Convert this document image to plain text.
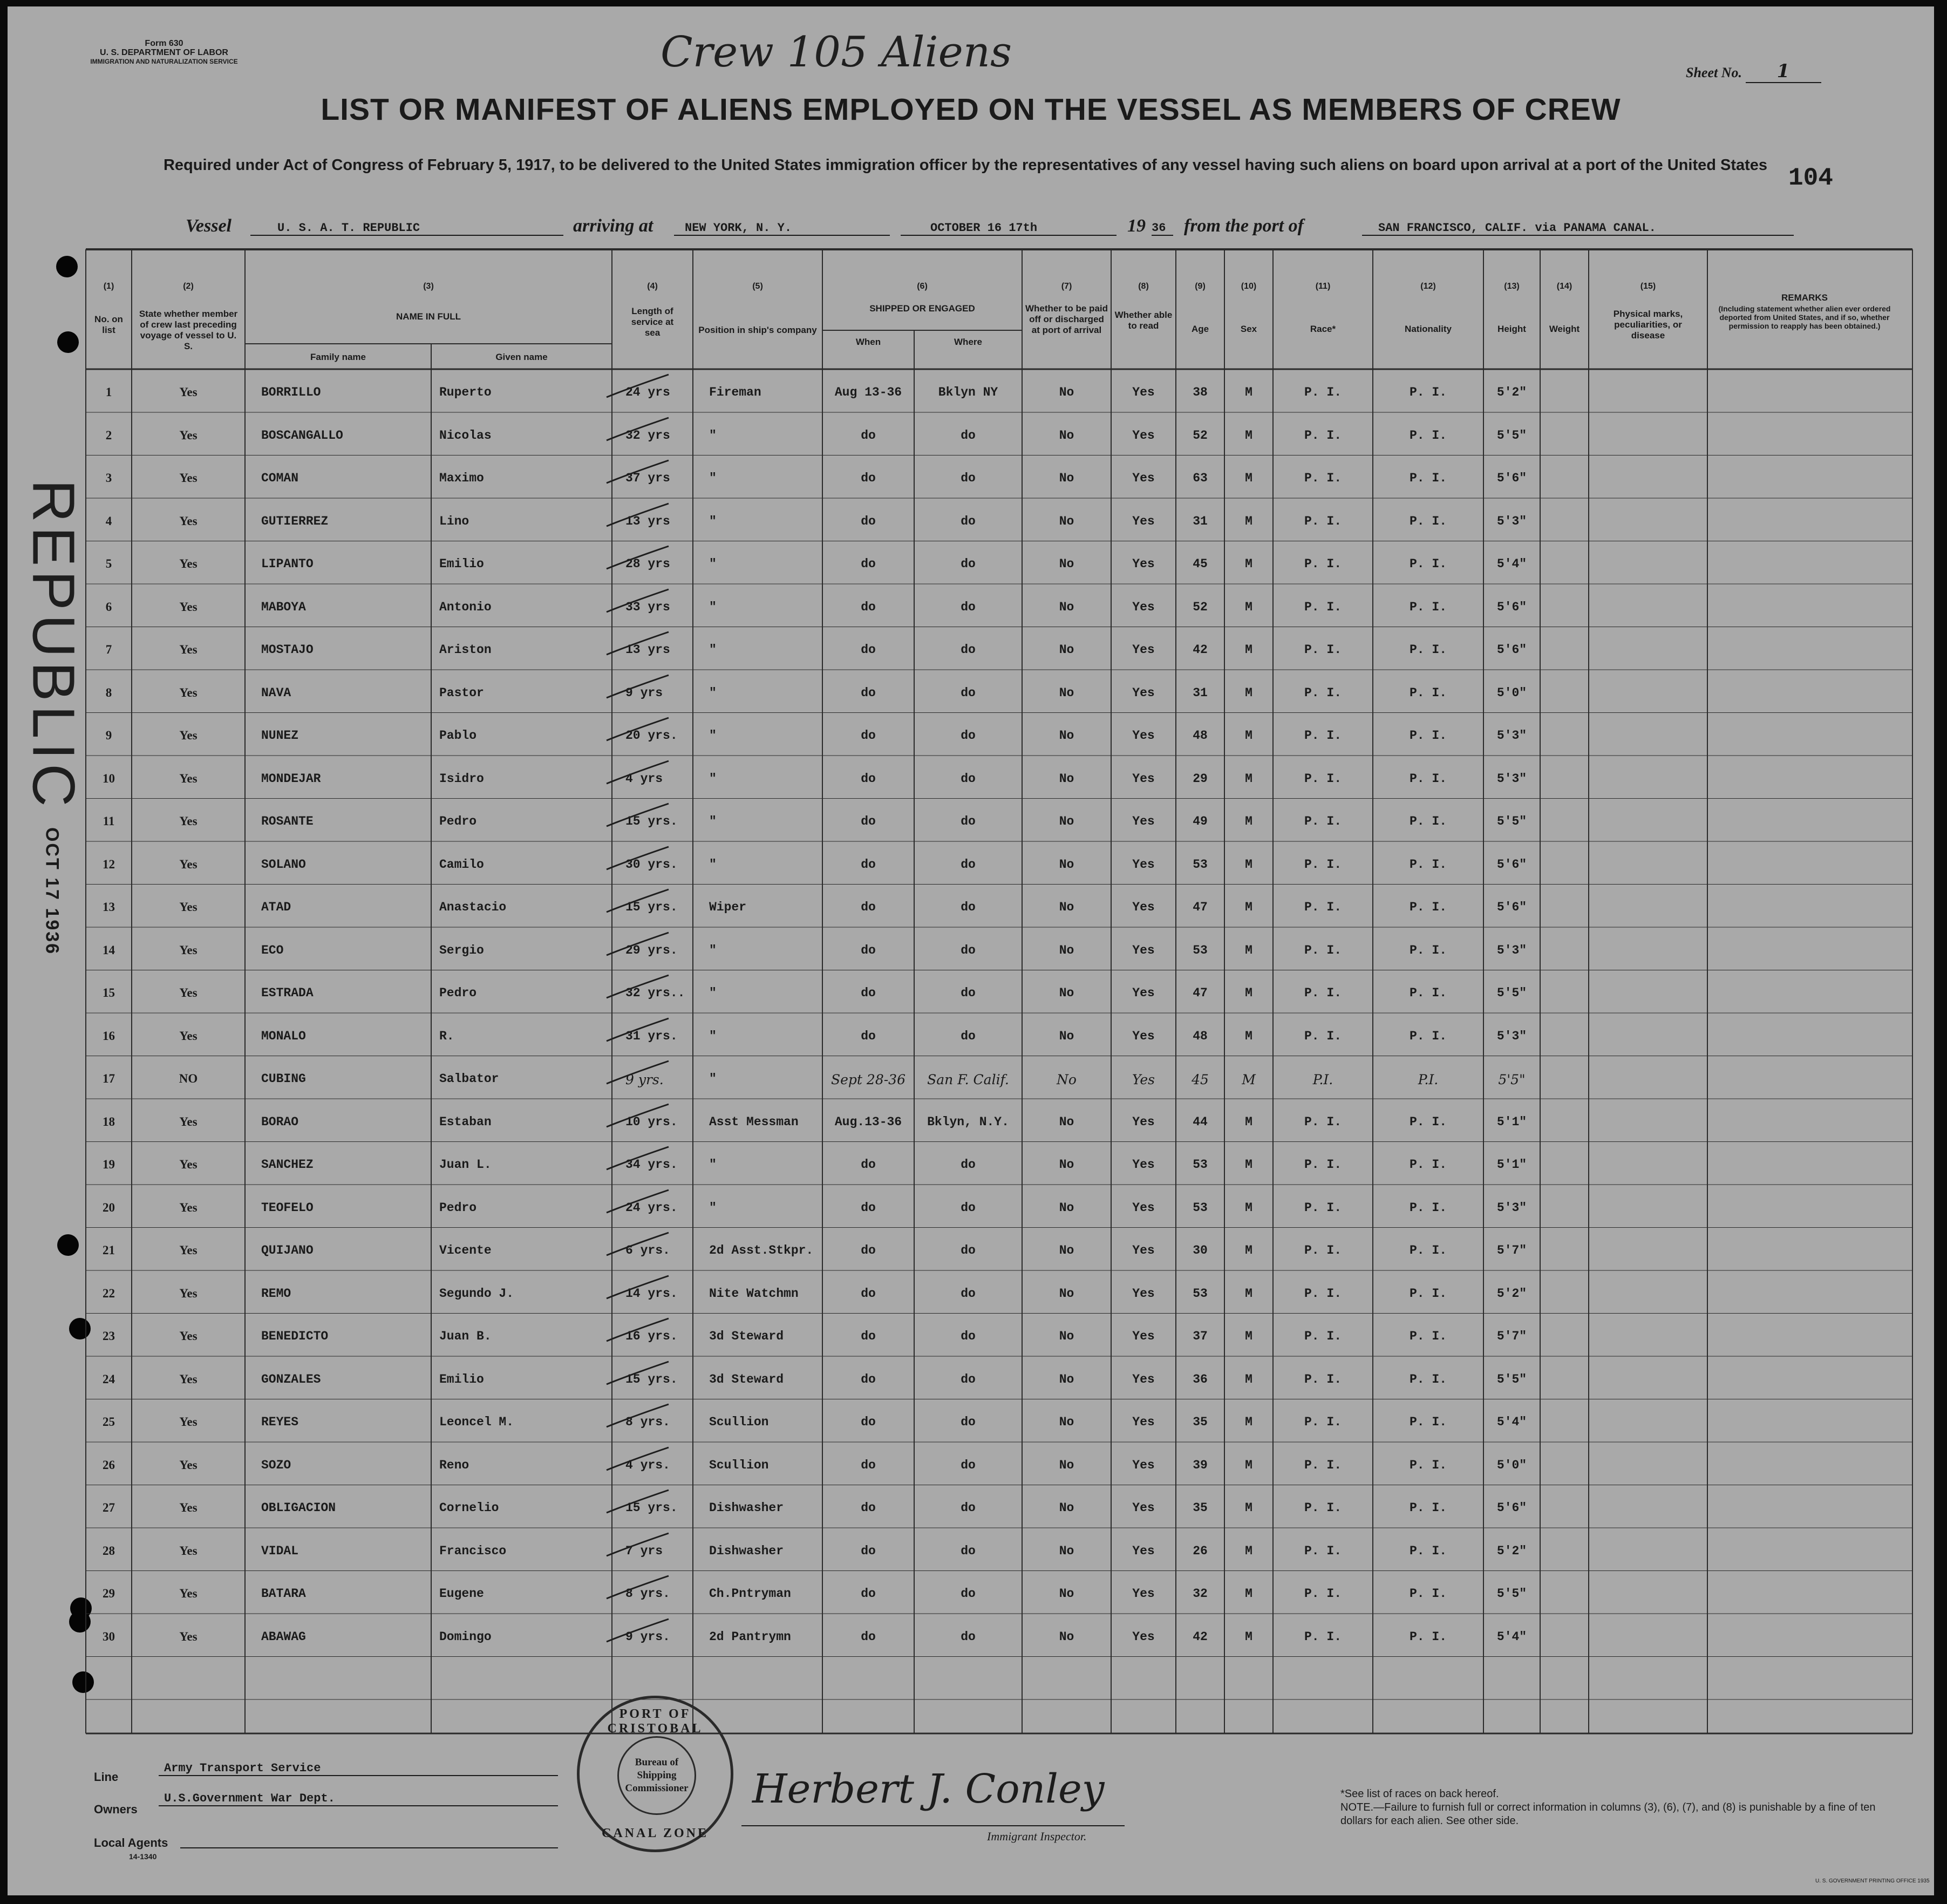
Form 630
U. S. DEPARTMENT OF LABOR
IMMIGRATION AND NATURALIZATION SERVICE	Crew 105 Aliens	Sheet No. 1
LIST OR MANIFEST OF ALIENS EMPLOYED ON THE VESSEL AS MEMBERS OF CREW
Required under Act of Congress of February 5, 1917, to be delivered to the United States immigration officer by the representatives of any vessel having such aliens on board upon arrival at a port of the United States 104
Vessel	U. S. A. T. REPUBLIC	arriving at	NEW YORK, N. Y.	OCTOBER 16 17th	19 36 from the port of	SAN FRANCISCO, CALIF. via PANAMA CANAL.
(1)
No. on list
(2)
State whether member of crew last preceding voyage of vessel to U. S.
(3)
NAME IN FULL
Family name	Given name
(4)
Length of service at sea
(5)
Position in ship's company
(6)
SHIPPED OR ENGAGED
When	Where
(7)
Whether to be paid off or discharged at port of arrival
(8)
Whether able to read
(9)
Age
(10)
Sex
(11)
Race*
(12)
Nationality
(13)
Height
(14)
Weight
(15)
Physical marks, peculiarities, or disease
REMARKS
(Including statement whether alien ever ordered deported from United States, and if so, whether permission to reapply has been obtained.)
1	Yes	BORRILLO	Ruperto	24 yrs	Fireman	Aug 13-36	Bklyn NY	No	Yes	38	M	P. I.	P. I.	5'2"
2	Yes	BOSCANGALLO	Nicolas	32 yrs	"	do	do	No	Yes	52	M	P. I.	P. I.	5'5"
3	Yes	COMAN	Maximo	37 yrs	"	do	do	No	Yes	63	M	P. I.	P. I.	5'6"
4	Yes	GUTIERREZ	Lino	13 yrs	"	do	do	No	Yes	31	M	P. I.	P. I.	5'3"
5	Yes	LIPANTO	Emilio	28 yrs	"	do	do	No	Yes	45	M	P. I.	P. I.	5'4"
6	Yes	MABOYA	Antonio	33 yrs	"	do	do	No	Yes	52	M	P. I.	P. I.	5'6"
7	Yes	MOSTAJO	Ariston	13 yrs	"	do	do	No	Yes	42	M	P. I.	P. I.	5'6"
8	Yes	NAVA	Pastor	9 yrs	"	do	do	No	Yes	31	M	P. I.	P. I.	5'0"
9	Yes	NUNEZ	Pablo	20 yrs.	"	do	do	No	Yes	48	M	P. I.	P. I.	5'3"
10	Yes	MONDEJAR	Isidro	4 yrs	"	do	do	No	Yes	29	M	P. I.	P. I.	5'3"
11	Yes	ROSANTE	Pedro	15 yrs.	"	do	do	No	Yes	49	M	P. I.	P. I.	5'5"
12	Yes	SOLANO	Camilo	30 yrs.	"	do	do	No	Yes	53	M	P. I.	P. I.	5'6"
13	Yes	ATAD	Anastacio	15 yrs.	Wiper	do	do	No	Yes	47	M	P. I.	P. I.	5'6"
14	Yes	ECO	Sergio	29 yrs.	"	do	do	No	Yes	53	M	P. I.	P. I.	5'3"
15	Yes	ESTRADA	Pedro	32 yrs..	"	do	do	No	Yes	47	M	P. I.	P. I.	5'5"
16	Yes	MONALO	R.	31 yrs.	"	do	do	No	Yes	48	M	P. I.	P. I.	5'3"
17	NO	CUBING	Salbator	9 yrs.	"	Sept 28-36	San F. Calif.	No	Yes	45	M	P.I.	P.I.	5'5"
18	Yes	BORAO	Estaban	10 yrs.	Asst Messman	Aug.13-36	Bklyn, N.Y.	No	Yes	44	M	P. I.	P. I.	5'1"
19	Yes	SANCHEZ	Juan L.	34 yrs.	"	do	do	No	Yes	53	M	P. I.	P. I.	5'1"
20	Yes	TEOFELO	Pedro	24 yrs.	"	do	do	No	Yes	53	M	P. I.	P. I.	5'3"
21	Yes	QUIJANO	Vicente	6 yrs.	2d Asst.Stkpr.	do	do	No	Yes	30	M	P. I.	P. I.	5'7"
22	Yes	REMO	Segundo J.	14 yrs.	Nite Watchmn	do	do	No	Yes	53	M	P. I.	P. I.	5'2"
23	Yes	BENEDICTO	Juan B.	16 yrs.	3d Steward	do	do	No	Yes	37	M	P. I.	P. I.	5'7"
24	Yes	GONZALES	Emilio	15 yrs.	3d Steward	do	do	No	Yes	36	M	P. I.	P. I.	5'5"
25	Yes	REYES	Leoncel M.	8 yrs.	Scullion	do	do	No	Yes	35	M	P. I.	P. I.	5'4"
26	Yes	SOZO	Reno	4 yrs.	Scullion	do	do	No	Yes	39	M	P. I.	P. I.	5'0"
27	Yes	OBLIGACION	Cornelio	15 yrs.	Dishwasher	do	do	No	Yes	35	M	P. I.	P. I.	5'6"
28	Yes	VIDAL	Francisco	7 yrs	Dishwasher	do	do	No	Yes	26	M	P. I.	P. I.	5'2"
29	Yes	BATARA	Eugene	8 yrs.	Ch.Pntryman	do	do	No	Yes	32	M	P. I.	P. I.	5'5"
30	Yes	ABAWAG	Domingo	9 yrs.	2d Pantrymn	do	do	No	Yes	42	M	P. I.	P. I.	5'4"
REPUBLIC
OCT 17 1936
PORT OF CRISTOBAL
Bureau of Shipping Commissioner
CANAL ZONE
Line
Army Transport Service
Owners
U.S.Government War Dept.
Local Agents
14-1340
Herbert J. Conley
Immigrant Inspector.
*See list of races on back hereof.
NOTE.—Failure to furnish full or correct information in columns (3), (6), (7), and (8) is punishable by a fine of ten dollars for each alien. See other side.
U. S. GOVERNMENT PRINTING OFFICE 1935
